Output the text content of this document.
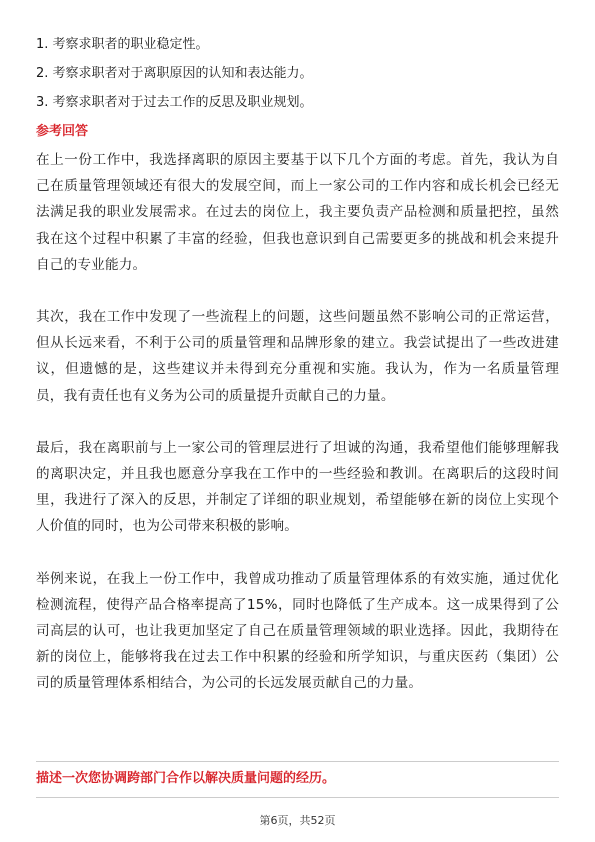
1. 考察求职者的职业稳定性。
2. 考察求职者对于离职原因的认知和表达能力。
3. 考察求职者对于过去工作的反思及职业规划。
参考回答

在上一份工作中，我选择离职的原因主要基于以下几个方面的考虑。首先，我认为自己在质量管理领域还有很大的发展空间，而上一家公司的工作内容和成长机会已经无法满足我的职业发展需求。在过去的岗位上，我主要负责产品检测和质量把控，虽然我在这个过程中积累了丰富的经验，但我也意识到自己需要更多的挑战和机会来提升自己的专业能力。

其次，我在工作中发现了一些流程上的问题，这些问题虽然不影响公司的正常运营，但从长远来看，不利于公司的质量管理和品牌形象的建立。我尝试提出了一些改进建议，但遗憾的是，这些建议并未得到充分重视和实施。我认为，作为一名质量管理员，我有责任也有义务为公司的质量提升贡献自己的力量。

最后，我在离职前与上一家公司的管理层进行了坦诚的沟通，我希望他们能够理解我的离职决定，并且我也愿意分享我在工作中的一些经验和教训。在离职后的这段时间里，我进行了深入的反思，并制定了详细的职业规划，希望能够在新的岗位上实现个人价值的同时，也为公司带来积极的影响。

举例来说，在我上一份工作中，我曾成功推动了质量管理体系的有效实施，通过优化检测流程，使得产品合格率提高了15%，同时也降低了生产成本。这一成果得到了公司高层的认可，也让我更加坚定了自己在质量管理领域的职业选择。因此，我期待在新的岗位上，能够将我在过去工作中积累的经验和所学知识，与重庆医药（集团）公司的质量管理体系相结合，为公司的长远发展贡献自己的力量。

描述一次您协调跨部门合作以解决质量问题的经历。
第6页，共52页
